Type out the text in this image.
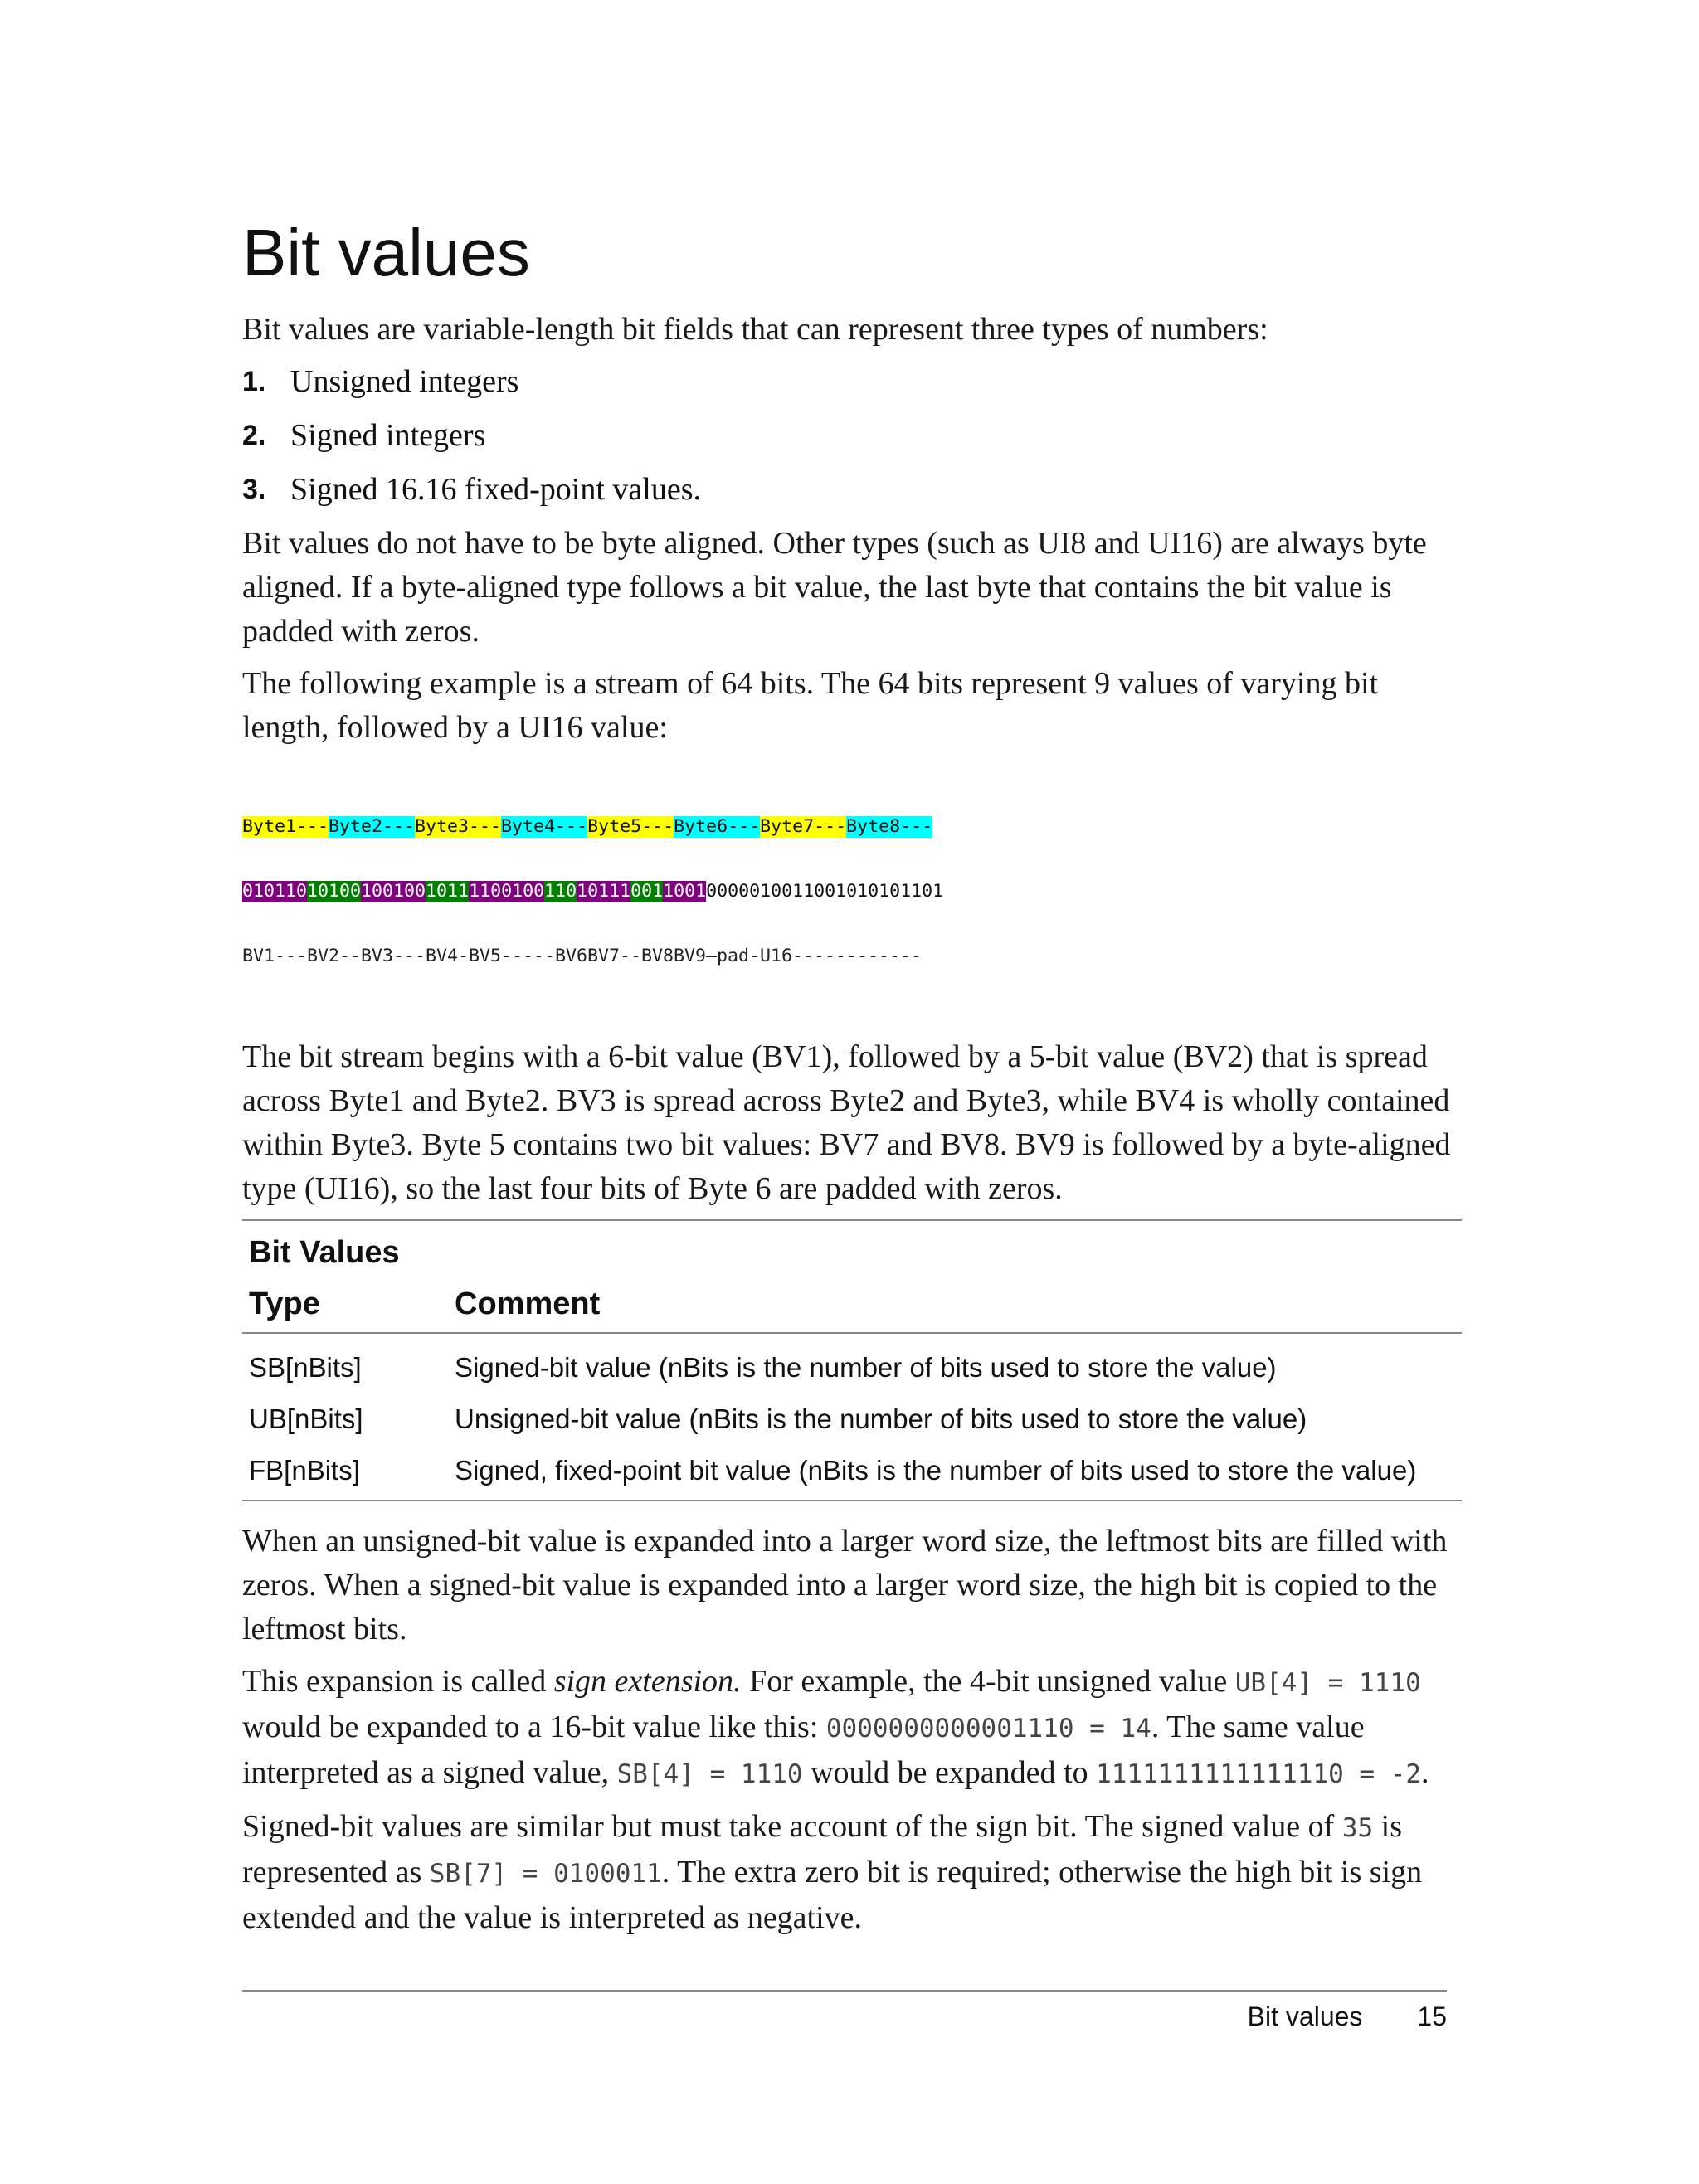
Bit values

Bit values are variable-length bit fields that can represent three types of numbers:

1. Unsigned integers
2. Signed integers
3. Signed 16.16 fixed-point values.

Bit values do not have to be byte aligned. Other types (such as UI8 and UI16) are always byte aligned. If a byte-aligned type follows a bit value, the last byte that contains the bit value is padded with zeros.

The following example is a stream of 64 bits. The 64 bits represent 9 values of varying bit length, followed by a UI16 value:

Byte1---Byte2---Byte3---Byte4---Byte5---Byte6---Byte7---Byte8---

01011010100100100101111001001101011100110010000010011001010101101

BV1---BV2--BV3---BV4-BV5-----BV6BV7--BV8BV9—pad-U16------------

The bit stream begins with a 6-bit value (BV1), followed by a 5-bit value (BV2) that is spread across Byte1 and Byte2. BV3 is spread across Byte2 and Byte3, while BV4 is wholly contained within Byte3. Byte 5 contains two bit values: BV7 and BV8. BV9 is followed by a byte-aligned type (UI16), so the last four bits of Byte 6 are padded with zeros.

Bit Values
Type	Comment
SB[nBits]	Signed-bit value (nBits is the number of bits used to store the value)
UB[nBits]	Unsigned-bit value (nBits is the number of bits used to store the value)
FB[nBits]	Signed, fixed-point bit value (nBits is the number of bits used to store the value)

When an unsigned-bit value is expanded into a larger word size, the leftmost bits are filled with zeros. When a signed-bit value is expanded into a larger word size, the high bit is copied to the leftmost bits.

This expansion is called sign extension. For example, the 4-bit unsigned value UB[4] = 1110 would be expanded to a 16-bit value like this: 0000000000001110 = 14. The same value interpreted as a signed value, SB[4] = 1110 would be expanded to 1111111111111110 = -2.

Signed-bit values are similar but must take account of the sign bit. The signed value of 35 is represented as SB[7] = 0100011. The extra zero bit is required; otherwise the high bit is sign extended and the value is interpreted as negative.

Bit values 15
